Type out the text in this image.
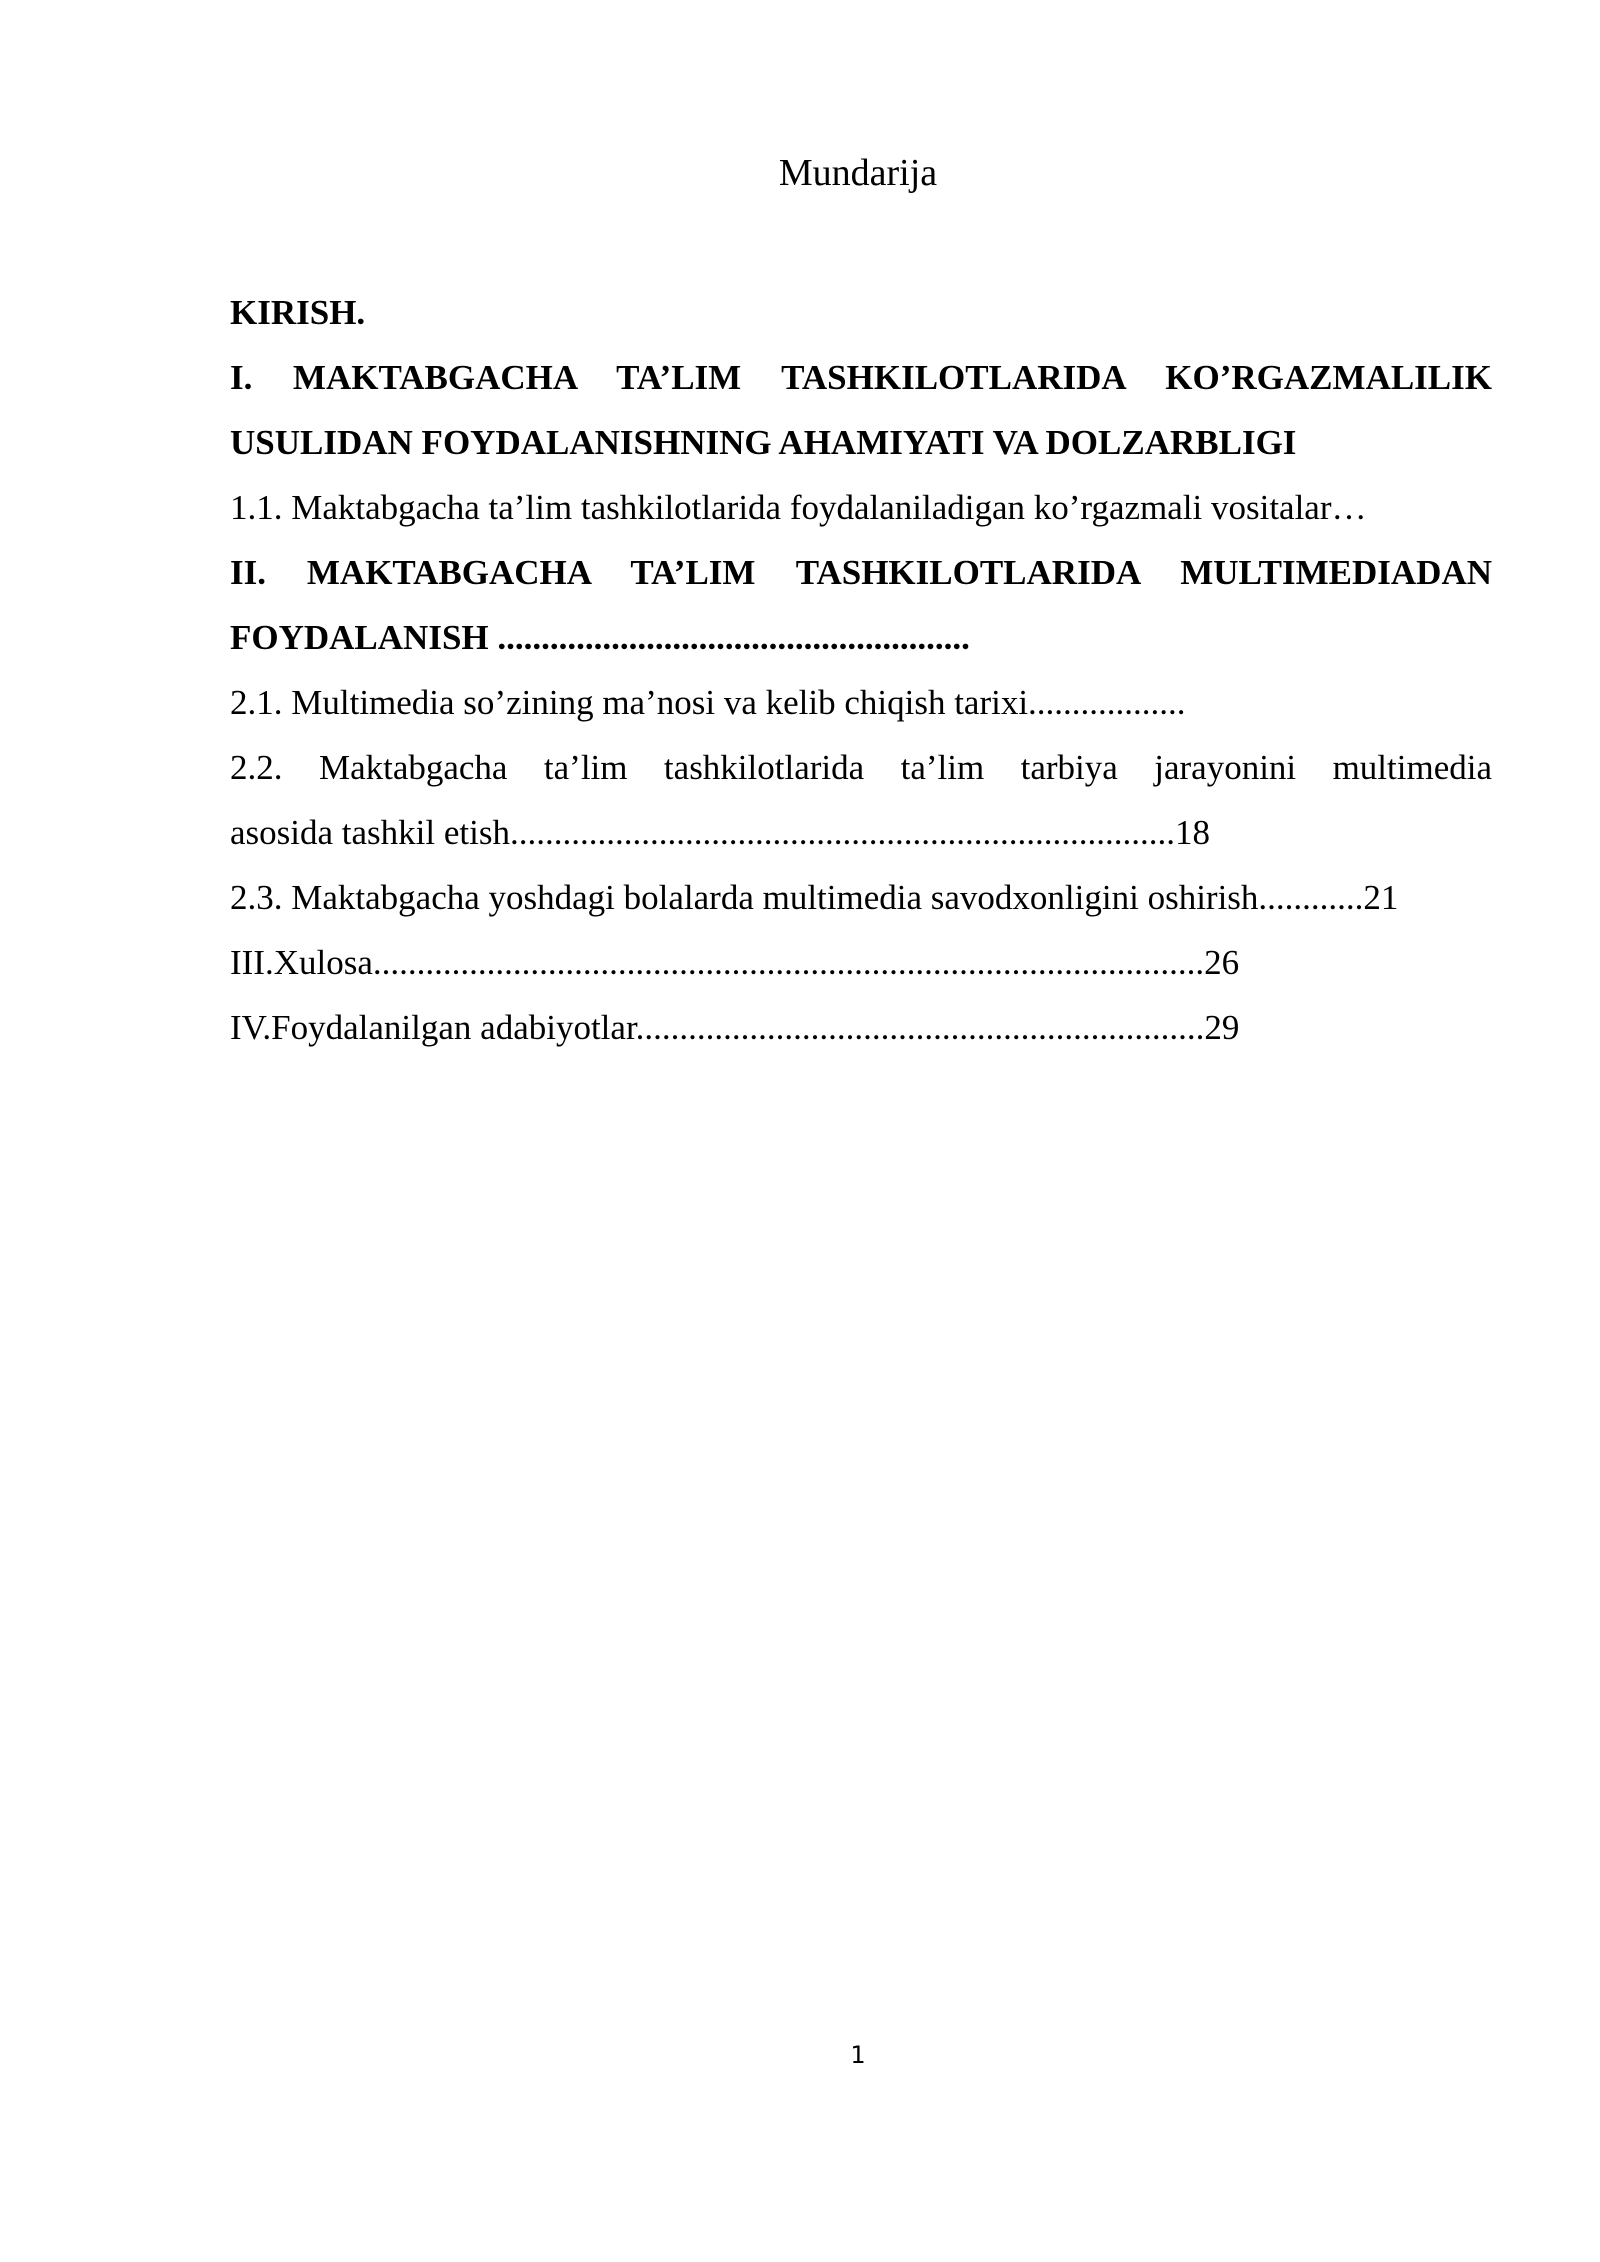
Mundarija
KIRISH.
I. MAKTABGACHA TA’LIM TASHKILOTLARIDA KO’RGAZMALILIK
USULIDAN FOYDALANISHNING AHAMIYATI VA DOLZARBLIGI
1.1. Maktabgacha ta’lim tashkilotlarida foydalaniladigan ko’rgazmali vositalar…
II. MAKTABGACHA TA’LIM TASHKILOTLARIDA MULTIMEDIADAN
FOYDALANISH ......................................................
2.1. Multimedia so’zining ma’nosi va kelib chiqish tarixi..................
2.2. Maktabgacha ta’lim tashkilotlarida ta’lim tarbiya jarayonini multimedia
asosida tashkil etish............................................................................18
2.3. Maktabgacha yoshdagi bolalarda multimedia savodxonligini oshirish............21
III.Xulosa...............................................................................................26
IV.Foydalanilgan adabiyotlar.................................................................29
1
